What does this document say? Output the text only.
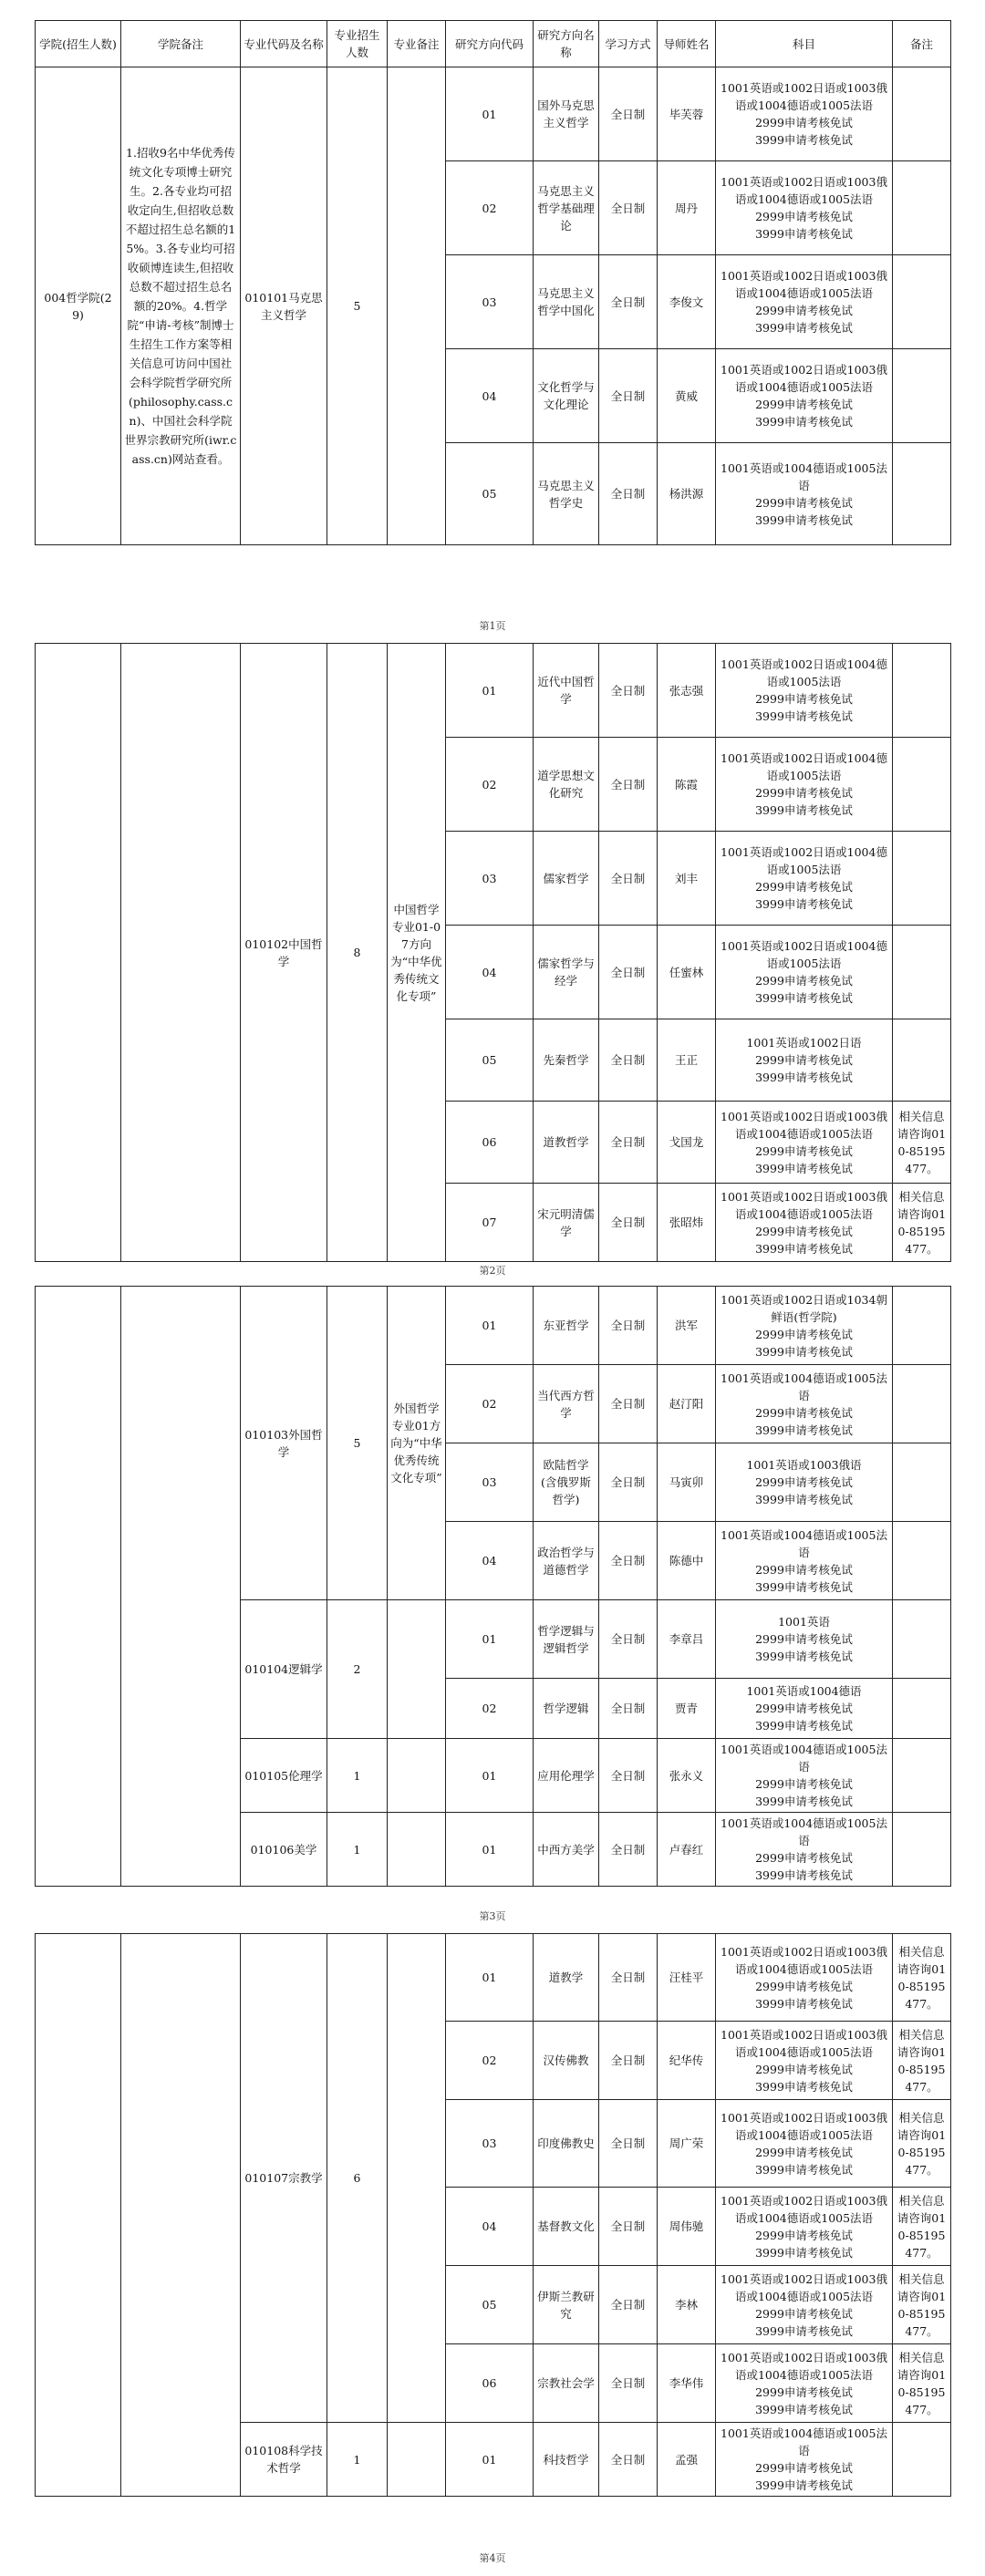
学院(招生人数)	学院备注	专业代码及名称	专业招生人数	专业备注	研究方向代码	研究方向名称	学习方式	导师姓名	科目	备注
004哲学院(29)	1.招收9名中华优秀传统文化专项博士研究生。2.各专业均可招收定向生,但招收总数不超过招生总名额的15%。3.各专业均可招收硕博连读生,但招收总数不超过招生总名额的20%。4.哲学院“申请-考核”制博士生招生工作方案等相关信息可访问中国社会科学院哲学研究所(philosophy.cass.cn)、中国社会科学院世界宗教研究所(iwr.cass.cn)网站查看。	010101马克思主义哲学	5		01	国外马克思主义哲学	全日制	毕芙蓉	1001英语或1002日语或1003俄语或1004德语或1005法语
2999申请考核免试
3999申请考核免试	
					02	马克思主义哲学基础理论	全日制	周丹	1001英语或1002日语或1003俄语或1004德语或1005法语
2999申请考核免试
3999申请考核免试	
					03	马克思主义哲学中国化	全日制	李俊文	1001英语或1002日语或1003俄语或1004德语或1005法语
2999申请考核免试
3999申请考核免试	
					04	文化哲学与文化理论	全日制	黄威	1001英语或1002日语或1003俄语或1004德语或1005法语
2999申请考核免试
3999申请考核免试	
					05	马克思主义哲学史	全日制	杨洪源	1001英语或1004德语或1005法语
2999申请考核免试
3999申请考核免试	
第1页
		010102中国哲学	8	中国哲学专业01-07方向为“中华优秀传统文化专项”	01	近代中国哲学	全日制	张志强	1001英语或1002日语或1004德语或1005法语
2999申请考核免试
3999申请考核免试	
					02	道学思想文化研究	全日制	陈霞	1001英语或1002日语或1004德语或1005法语
2999申请考核免试
3999申请考核免试	
					03	儒家哲学	全日制	刘丰	1001英语或1002日语或1004德语或1005法语
2999申请考核免试
3999申请考核免试	
					04	儒家哲学与经学	全日制	任蜜林	1001英语或1002日语或1004德语或1005法语
2999申请考核免试
3999申请考核免试	
					05	先秦哲学	全日制	王正	1001英语或1002日语
2999申请考核免试
3999申请考核免试	
					06	道教哲学	全日制	戈国龙	1001英语或1002日语或1003俄语或1004德语或1005法语
2999申请考核免试
3999申请考核免试	相关信息请咨询010-85195477。
					07	宋元明清儒学	全日制	张昭炜	1001英语或1002日语或1003俄语或1004德语或1005法语
2999申请考核免试
3999申请考核免试	相关信息请咨询010-85195477。
第2页
		010103外国哲学	5	外国哲学专业01方向为“中华优秀传统文化专项”	01	东亚哲学	全日制	洪军	1001英语或1002日语或1034朝鲜语(哲学院)
2999申请考核免试
3999申请考核免试	
					02	当代西方哲学	全日制	赵汀阳	1001英语或1004德语或1005法语
2999申请考核免试
3999申请考核免试	
					03	欧陆哲学(含俄罗斯哲学)	全日制	马寅卯	1001英语或1003俄语
2999申请考核免试
3999申请考核免试	
					04	政治哲学与道德哲学	全日制	陈德中	1001英语或1004德语或1005法语
2999申请考核免试
3999申请考核免试	
		010104逻辑学	2		01	哲学逻辑与逻辑哲学	全日制	李章吕	1001英语
2999申请考核免试
3999申请考核免试	
					02	哲学逻辑	全日制	贾青	1001英语或1004德语
2999申请考核免试
3999申请考核免试	
		010105伦理学	1		01	应用伦理学	全日制	张永义	1001英语或1004德语或1005法语
2999申请考核免试
3999申请考核免试	
		010106美学	1		01	中西方美学	全日制	卢春红	1001英语或1004德语或1005法语
2999申请考核免试
3999申请考核免试	
第3页
		010107宗教学	6		01	道教学	全日制	汪桂平	1001英语或1002日语或1003俄语或1004德语或1005法语
2999申请考核免试
3999申请考核免试	相关信息请咨询010-85195477。
					02	汉传佛教	全日制	纪华传	1001英语或1002日语或1003俄语或1004德语或1005法语
2999申请考核免试
3999申请考核免试	相关信息请咨询010-85195477。
					03	印度佛教史	全日制	周广荣	1001英语或1002日语或1003俄语或1004德语或1005法语
2999申请考核免试
3999申请考核免试	相关信息请咨询010-85195477。
					04	基督教文化	全日制	周伟驰	1001英语或1002日语或1003俄语或1004德语或1005法语
2999申请考核免试
3999申请考核免试	相关信息请咨询010-85195477。
					05	伊斯兰教研究	全日制	李林	1001英语或1002日语或1003俄语或1004德语或1005法语
2999申请考核免试
3999申请考核免试	相关信息请咨询010-85195477。
					06	宗教社会学	全日制	李华伟	1001英语或1002日语或1003俄语或1004德语或1005法语
2999申请考核免试
3999申请考核免试	相关信息请咨询010-85195477。
		010108科学技术哲学	1		01	科技哲学	全日制	孟强	1001英语或1004德语或1005法语
2999申请考核免试
3999申请考核免试	
第4页
